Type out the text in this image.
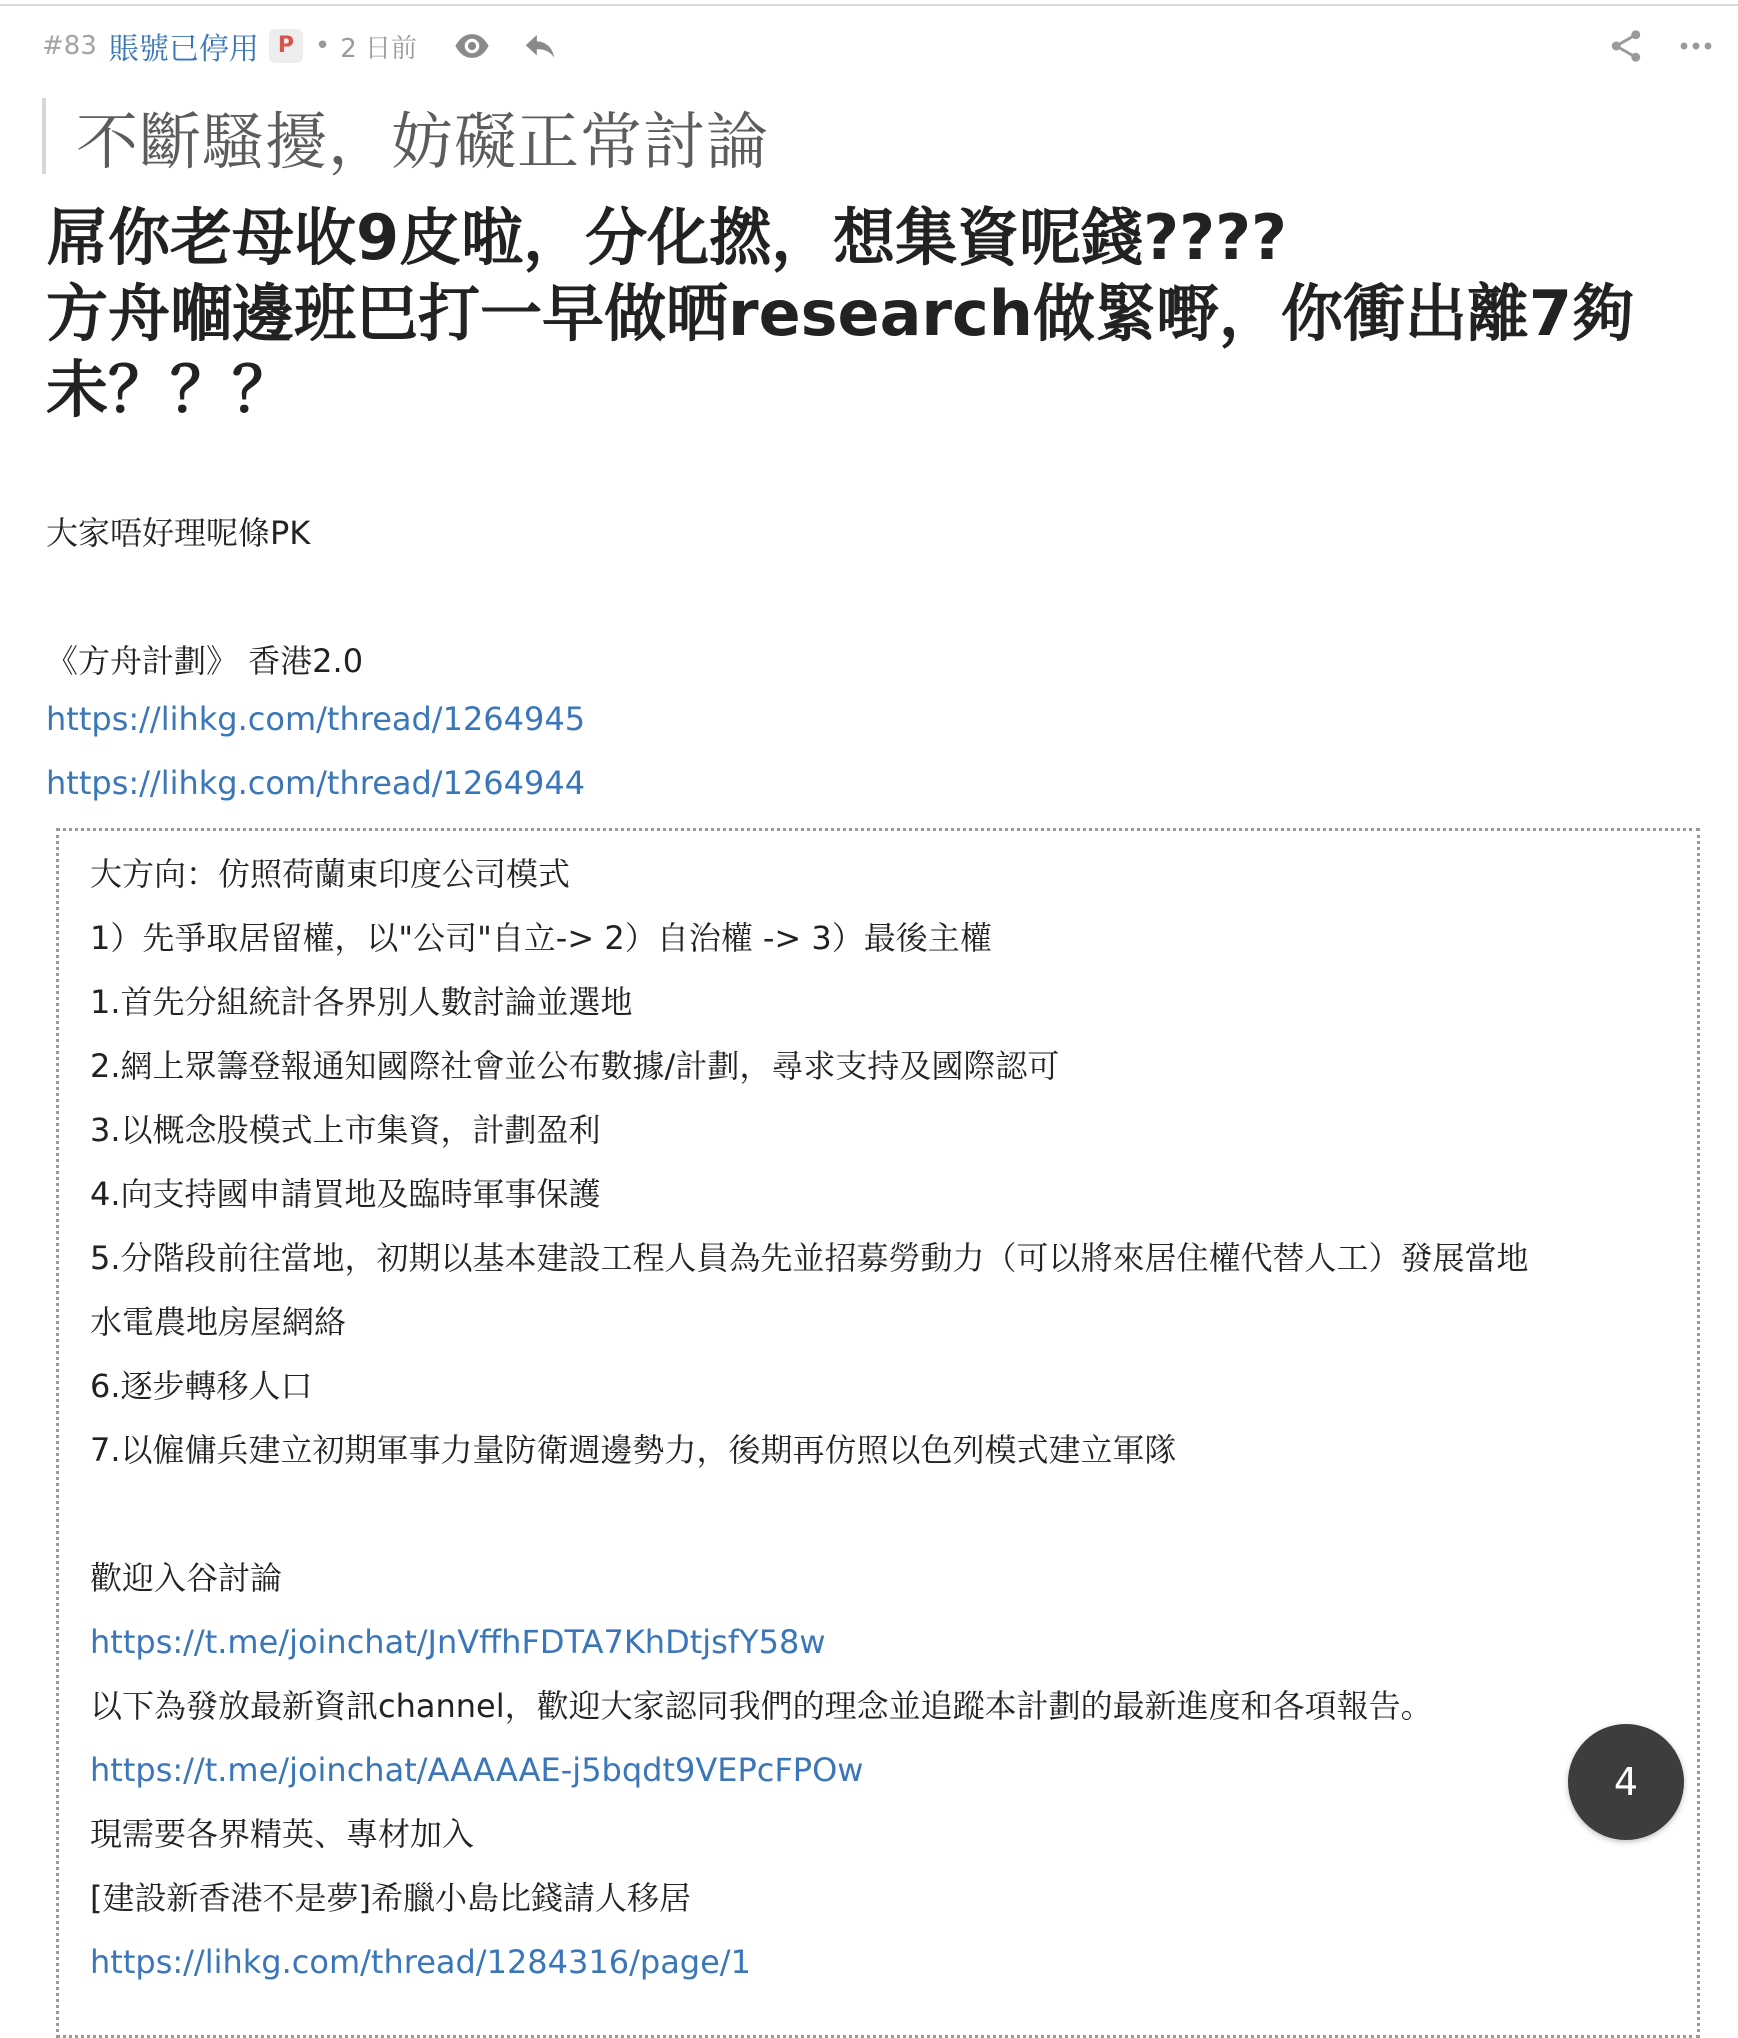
#83 賬號已停用 P • 2 日前
不斷騷擾，妨礙正常討論
屌你老母收9皮啦，分化撚，想集資呢錢????
方舟嗰邊班巴打一早做晒research做緊嘢，你衝出離7夠
未？？？
大家唔好理呢條PK
《方舟計劃》 香港2.0
https://lihkg.com/thread/1264945
https://lihkg.com/thread/1264944
大方向：仿照荷蘭東印度公司模式
1）先爭取居留權，以"公司"自立-> 2）自治權 -> 3）最後主權
1.首先分組統計各界別人數討論並選地
2.網上眾籌登報通知國際社會並公布數據/計劃，尋求支持及國際認可
3.以概念股模式上市集資，計劃盈利
4.向支持國申請買地及臨時軍事保護
5.分階段前往當地，初期以基本建設工程人員為先並招募勞動力（可以將來居住權代替人工）發展當地
水電農地房屋網絡
6.逐步轉移人口
7.以僱傭兵建立初期軍事力量防衛週邊勢力，後期再仿照以色列模式建立軍隊
歡迎入谷討論
https://t.me/joinchat/JnVffhFDTA7KhDtjsfY58w
以下為發放最新資訊channel，歡迎大家認同我們的理念並追蹤本計劃的最新進度和各項報告。
https://t.me/joinchat/AAAAAE-j5bqdt9VEPcFPOw
現需要各界精英、專材加入
[建設新香港不是夢]希臘小島比錢請人移居
https://lihkg.com/thread/1284316/page/1
4
